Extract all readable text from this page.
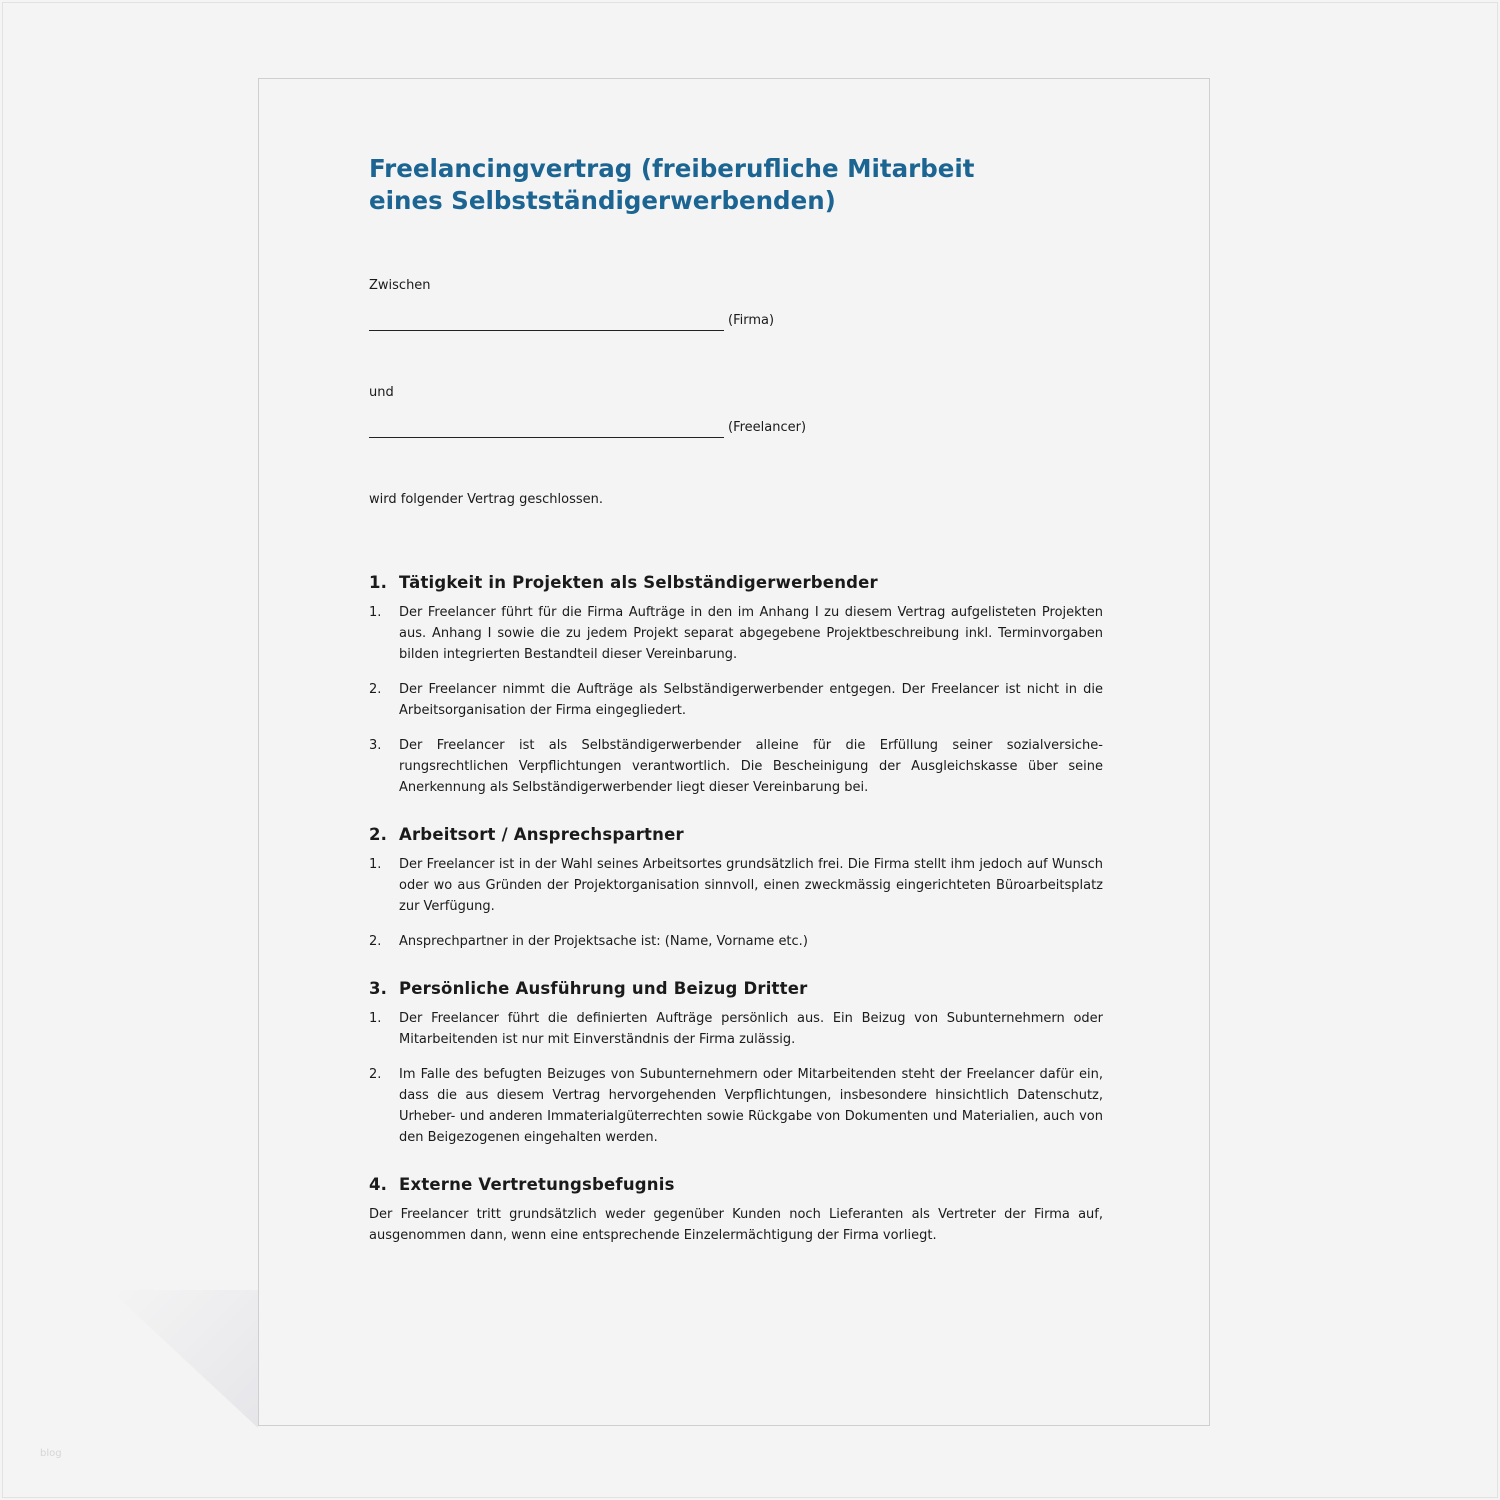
blog
Freelancingvertrag (freiberufliche Mitarbeit eines Selbstständigerwerbenden)

Zwischen

(Firma)

und

(Freelancer)

wird folgender Vertrag geschlossen.

1. Tätigkeit in Projekten als Selbständigerwerbender
1.	Der Freelancer führt für die Firma Aufträge in den im Anhang I zu diesem Vertrag aufgelisteten Projekten aus. Anhang I sowie die zu jedem Projekt separat abgegebene Projektbeschreibung inkl. Terminvorgaben bilden integrierten Bestandteil dieser Vereinbarung.
2.	Der Freelancer nimmt die Aufträge als Selbständigerwerbender entgegen. Der Freelancer ist nicht in die Arbeitsorganisation der Firma eingegliedert.
3.	Der Freelancer ist als Selbständigerwerbender alleine für die Erfüllung seiner sozialversicherungsrechtlichen Verpflichtungen verantwortlich. Die Bescheinigung der Ausgleichskasse über seine Anerkennung als Selbständigerwerbender liegt dieser Vereinbarung bei.
2. Arbeitsort / Ansprechspartner
1.	Der Freelancer ist in der Wahl seines Arbeitsortes grundsätzlich frei. Die Firma stellt ihm jedoch auf Wunsch oder wo aus Gründen der Projektorganisation sinnvoll, einen zweckmässig eingerichteten Büroarbeitsplatz zur Verfügung.
2.	Ansprechpartner in der Projektsache ist: (Name, Vorname etc.)
3. Persönliche Ausführung und Beizug Dritter
1.	Der Freelancer führt die definierten Aufträge persönlich aus. Ein Beizug von Subunternehmern oder Mitarbeitenden ist nur mit Einverständnis der Firma zulässig.
2.	Im Falle des befugten Beizuges von Subunternehmern oder Mitarbeitenden steht der Freelancer dafür ein, dass die aus diesem Vertrag hervorgehenden Verpflichtungen, insbesondere hinsichtlich Datenschutz, Urheber- und anderen Immaterialgüterrechten sowie Rückgabe von Dokumenten und Materialien, auch von den Beigezogenen eingehalten werden.
4. Externe Vertretungsbefugnis
Der Freelancer tritt grundsätzlich weder gegenüber Kunden noch Lieferanten als Vertreter der Firma auf, ausgenommen dann, wenn eine entsprechende Einzelermächtigung der Firma vorliegt.
